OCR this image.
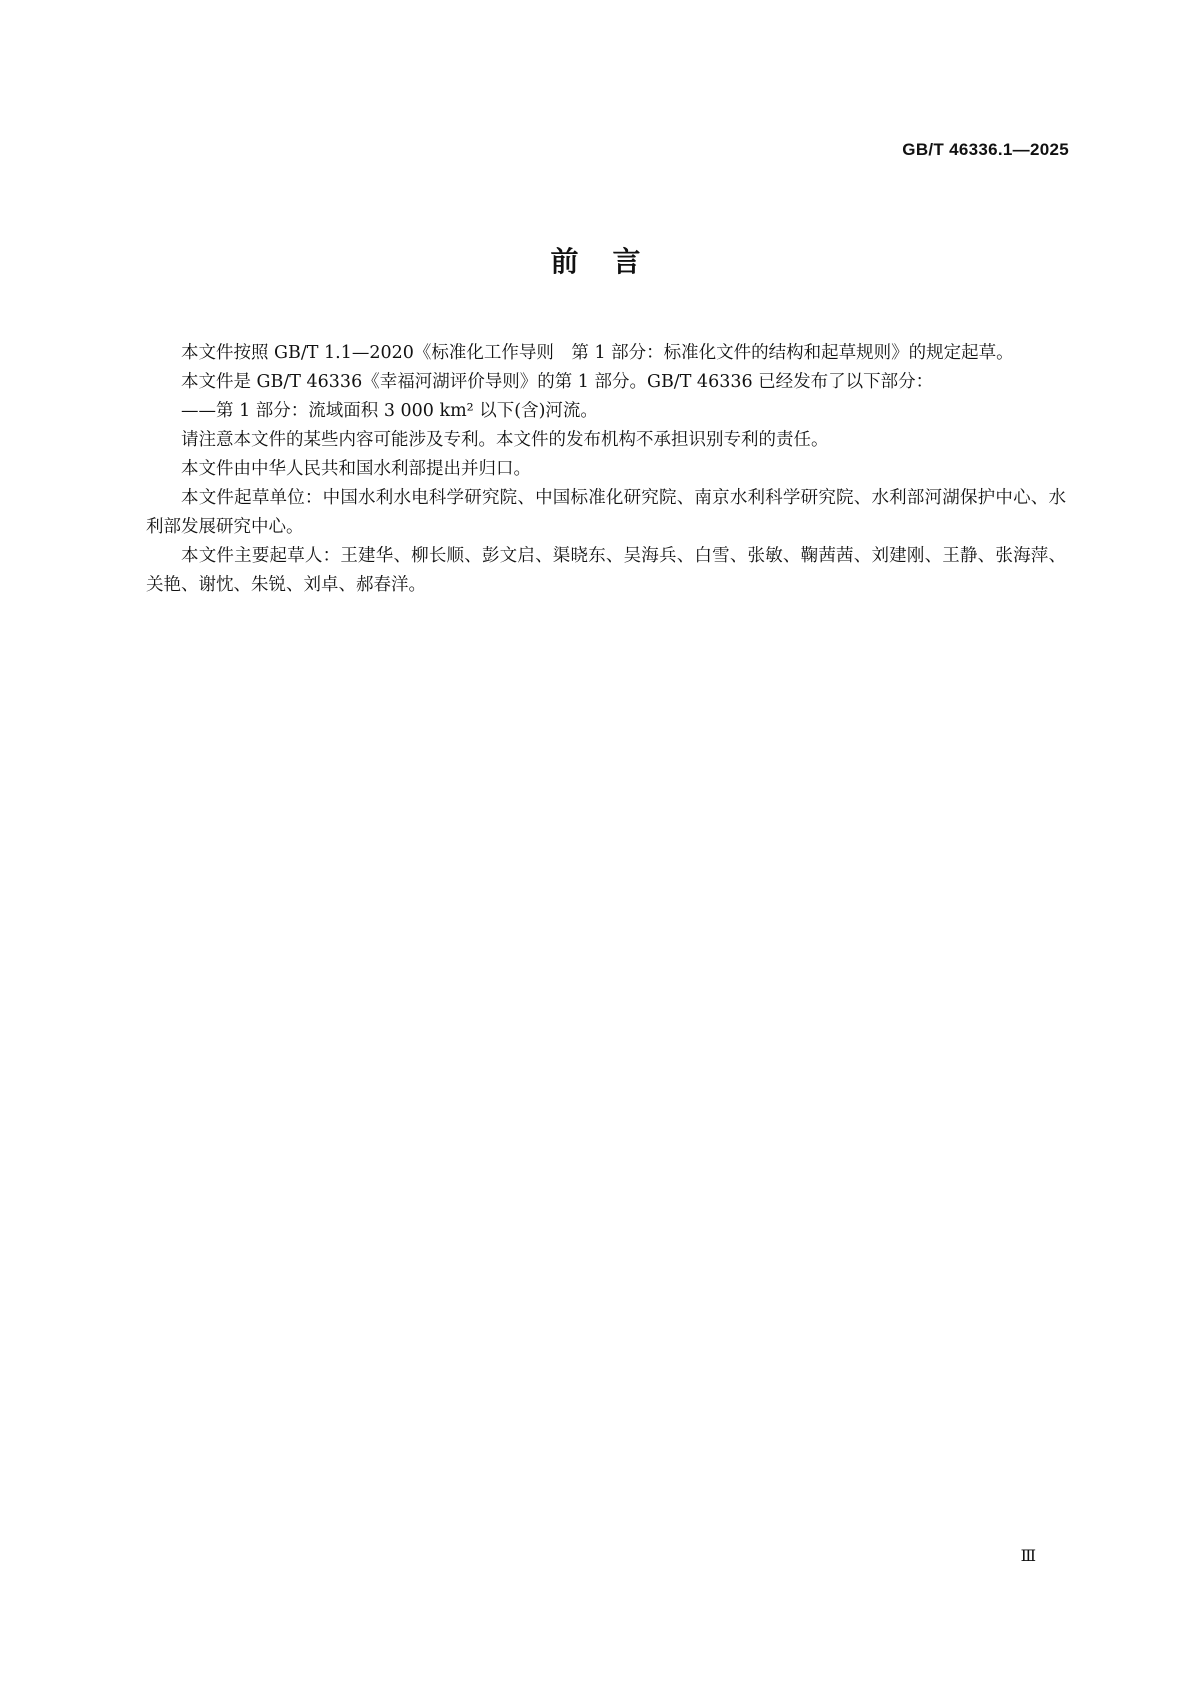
GB/T 46336.1—2025
前言

本文件按照 GB/T 1.1—2020《标准化工作导则　第 1 部分：标准化文件的结构和起草规则》的规定起草。

本文件是 GB/T 46336《幸福河湖评价导则》的第 1 部分。GB/T 46336 已经发布了以下部分：

——第 1 部分：流域面积 3 000 km² 以下(含)河流。

请注意本文件的某些内容可能涉及专利。本文件的发布机构不承担识别专利的责任。

本文件由中华人民共和国水利部提出并归口。

本文件起草单位：中国水利水电科学研究院、中国标准化研究院、南京水利科学研究院、水利部河湖保护中心、水利部发展研究中心。

本文件主要起草人：王建华、柳长顺、彭文启、渠晓东、吴海兵、白雪、张敏、鞠茜茜、刘建刚、王静、张海萍、关艳、谢忱、朱锐、刘卓、郝春洋。

Ⅲ
